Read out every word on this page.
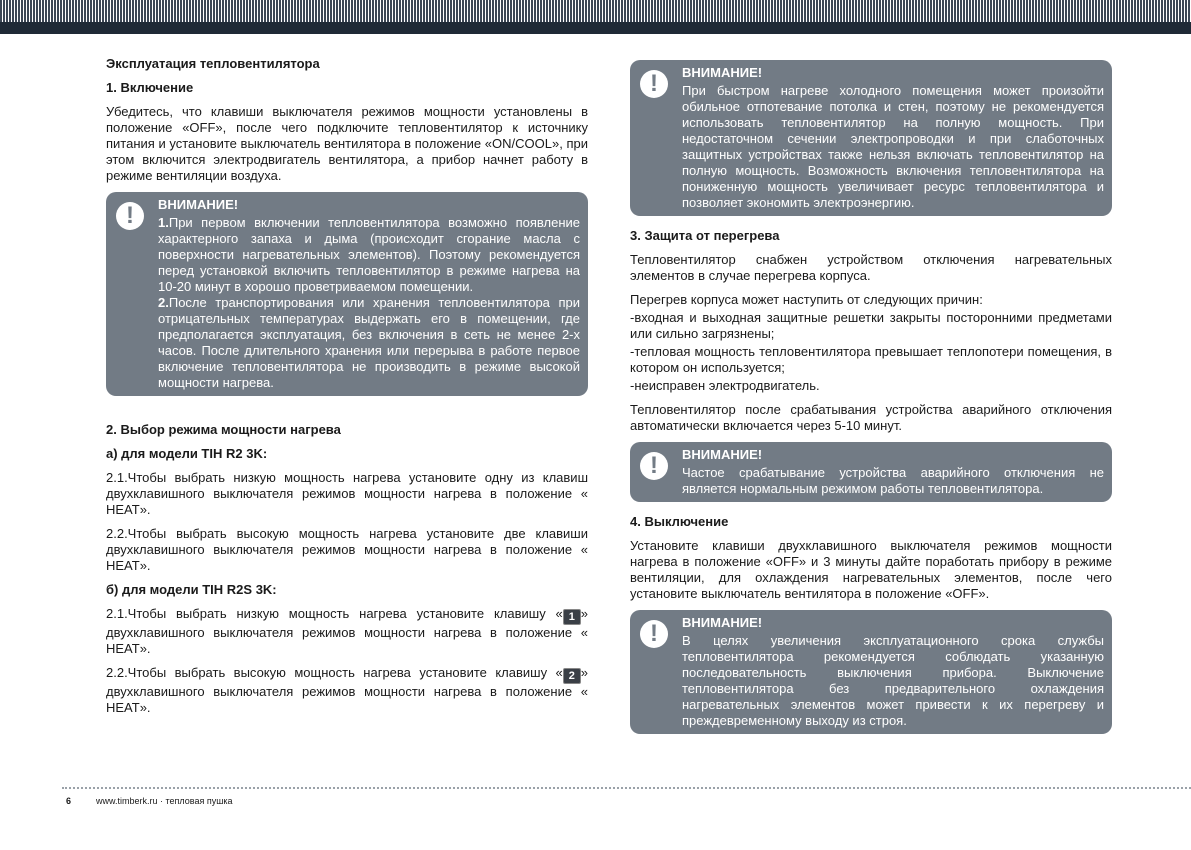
Эксплуатация тепловентилятора
1. Включение

Убедитесь, что клавиши выключателя режимов мощности установлены в положение «OFF», после чего подключите тепловентилятор к источнику питания и установите выключатель вентилятора в положение «ON/COOL», при этом включится электродвигатель вентилятора, а прибор начнет работу в режиме вентиляции воздуха.

!	ВНИМАНИЕ!

1.При первом включении тепловентилятора возможно появление характерного запаха и дыма (происходит сгорание масла с поверхности нагревательных элементов). Поэтому рекомендуется перед установкой включить тепловентилятор в режиме нагрева на 10-20 минут в хорошо проветриваемом помещении.

2.После транспортирования или хранения тепловентилятора при отрицательных температурах выдержать его в помещении, где предполагается эксплуатация, без включения в сеть не менее 2-х часов. После длительного хранения или перерыва в работе первое включение тепловентилятора не производить в режиме высокой мощности нагрева.

2. Выбор режима мощности нагрева
а) для модели TIH R2 3K:

2.1.Чтобы выбрать низкую мощность нагрева установите одну из клавиш двухклавишного выключателя режимов мощности нагрева в положение « HEAT».

2.2.Чтобы выбрать высокую мощность нагрева установите две клавиши двухклавишного выключателя режимов мощности нагрева в положение « HEAT».

б) для модели TIH R2S 3K:

2.1.Чтобы выбрать низкую мощность нагрева установите клавишу « 1 » двухклавишного выключателя режимов мощности нагрева в положение « HEAT».

2.2.Чтобы выбрать высокую мощность нагрева установите клавишу « 2 » двухклавишного выключателя режимов мощности нагрева в положение « HEAT».

!	ВНИМАНИЕ!

При быстром нагреве холодного помещения может произойти обильное отпотевание потолка и стен, поэтому не рекомендуется использовать тепловентилятор на полную мощность. При недостаточном сечении электропроводки и при слаботочных защитных устройствах также нельзя включать тепловентилятор на полную мощность. Возможность включения тепловентилятора на пониженную мощность увеличивает ресурс тепловентилятора и позволяет экономить электроэнергию.

3. Защита от перегрева

Тепловентилятор снабжен устройством отключения нагревательных элементов в случае перегрева корпуса.

Перегрев корпуса может наступить от следующих причин:

-входная и выходная защитные решетки закрыты посторонними предметами или сильно загрязнены;

-тепловая мощность тепловентилятора превышает теплопотери помещения, в котором он используется;

-неисправен электродвигатель.

Тепловентилятор после срабатывания устройства аварийного отключения автоматически включается через 5-10 минут.

!	ВНИМАНИЕ!

Частое срабатывание устройства аварийного отключения не является нормальным режимом работы тепловентилятора.

4. Выключение

Установите клавиши двухклавишного выключателя режимов мощности нагрева в положение «OFF» и 3 минуты дайте поработать прибору в режиме вентиляции, для охлаждения нагревательных элементов, после чего установите выключатель вентилятора в положение «OFF».

!	ВНИМАНИЕ!

В целях увеличения эксплуатационного срока службы тепловентилятора рекомендуется соблюдать указанную последовательность выключения прибора. Выключение тепловентилятора без предварительного охлаждения нагревательных элементов может привести к их перегреву и преждевременному выходу из строя.

6	www.timberk.ru · тепловая пушка
